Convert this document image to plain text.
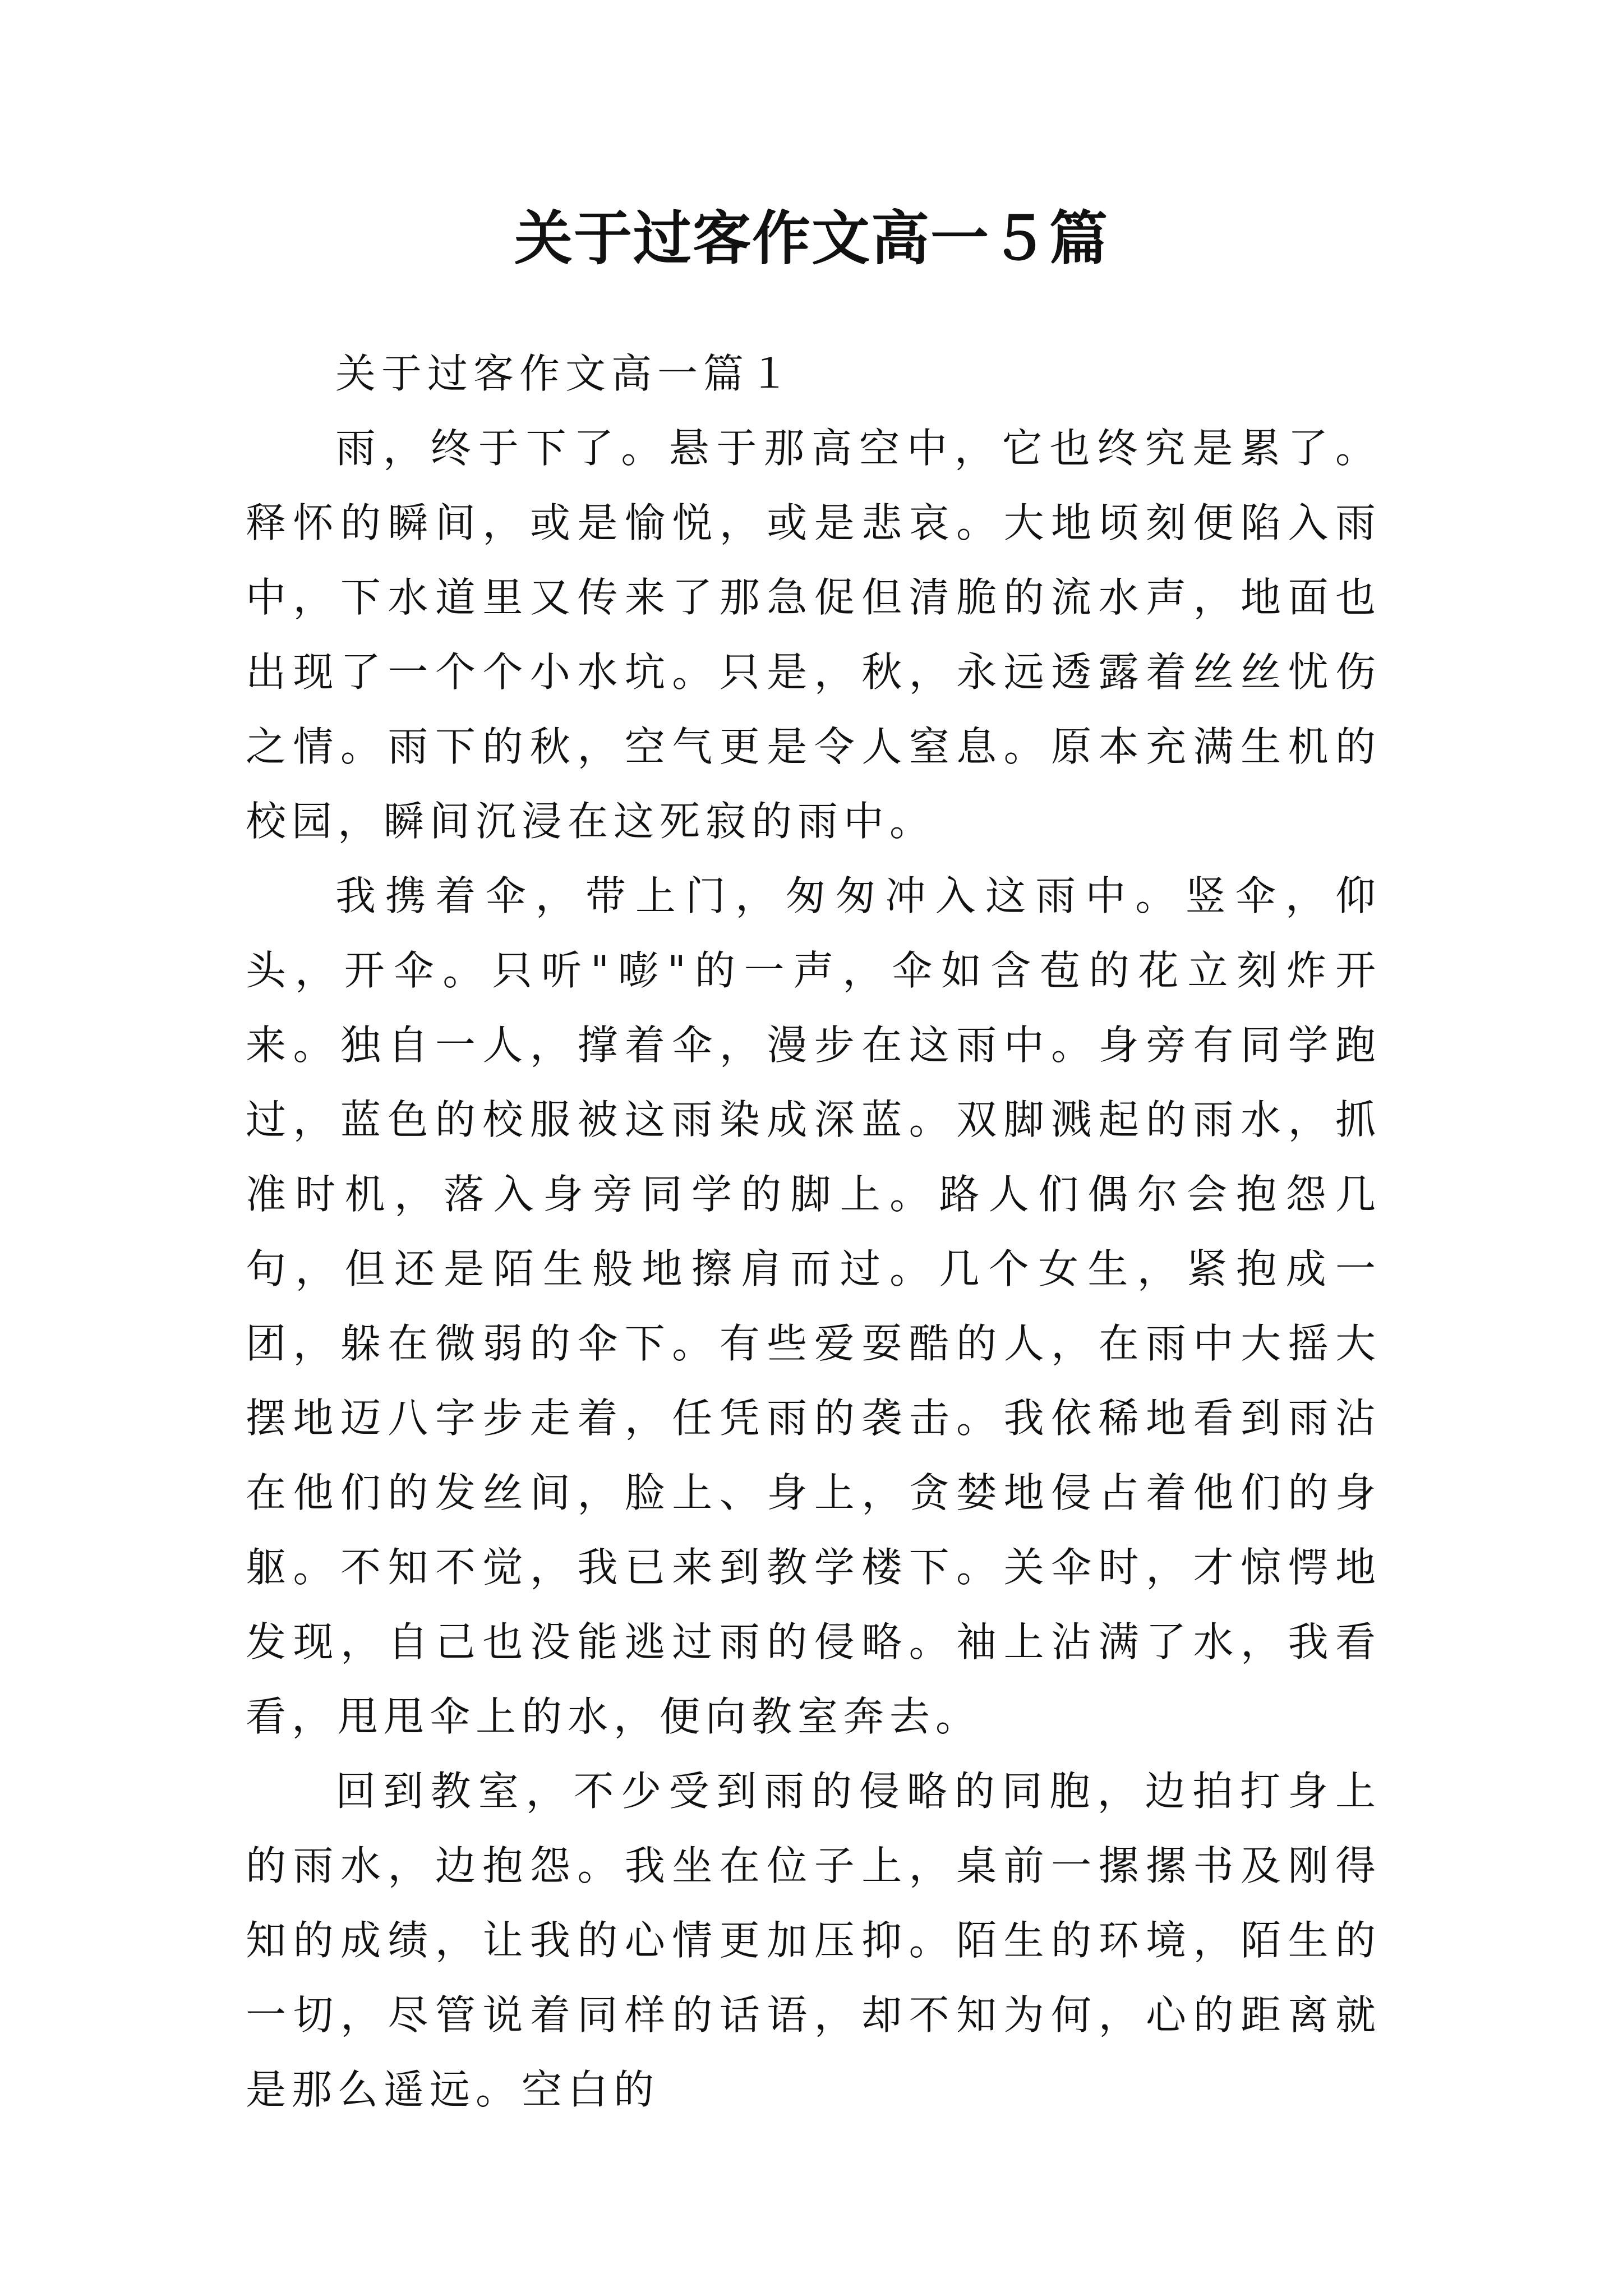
关于过客作文高一５篇
关于过客作文高一篇１

雨，终于下了。悬于那高空中，它也终究是累了。释怀的瞬间，或是愉悦，或是悲哀。大地顷刻便陷入雨中，下水道里又传来了那急促但清脆的流水声，地面也出现了一个个小水坑。只是，秋，永远透露着丝丝忧伤之情。雨下的秋，空气更是令人窒息。原本充满生机的校园，瞬间沉浸在这死寂的雨中。

我携着伞，带上门，匆匆冲入这雨中。竖伞，仰头，开伞。只听"嘭"的一声，伞如含苞的花立刻炸开来。独自一人，撑着伞，漫步在这雨中。身旁有同学跑过，蓝色的校服被这雨染成深蓝。双脚溅起的雨水，抓准时机，落入身旁同学的脚上。路人们偶尔会抱怨几句，但还是陌生般地擦肩而过。几个女生，紧抱成一团，躲在微弱的伞下。有些爱耍酷的人，在雨中大摇大摆地迈八字步走着，任凭雨的袭击。我依稀地看到雨沾在他们的发丝间，脸上、身上，贪婪地侵占着他们的身躯。不知不觉，我已来到教学楼下。关伞时，才惊愕地发现，自己也没能逃过雨的侵略。袖上沾满了水，我看看，甩甩伞上的水，便向教室奔去。

回到教室，不少受到雨的侵略的同胞，边拍打身上的雨水，边抱怨。我坐在位子上，桌前一摞摞书及刚得知的成绩，让我的心情更加压抑。陌生的环境，陌生的一切，尽管说着同样的话语，却不知为何，心的距离就是那么遥远。空白的
